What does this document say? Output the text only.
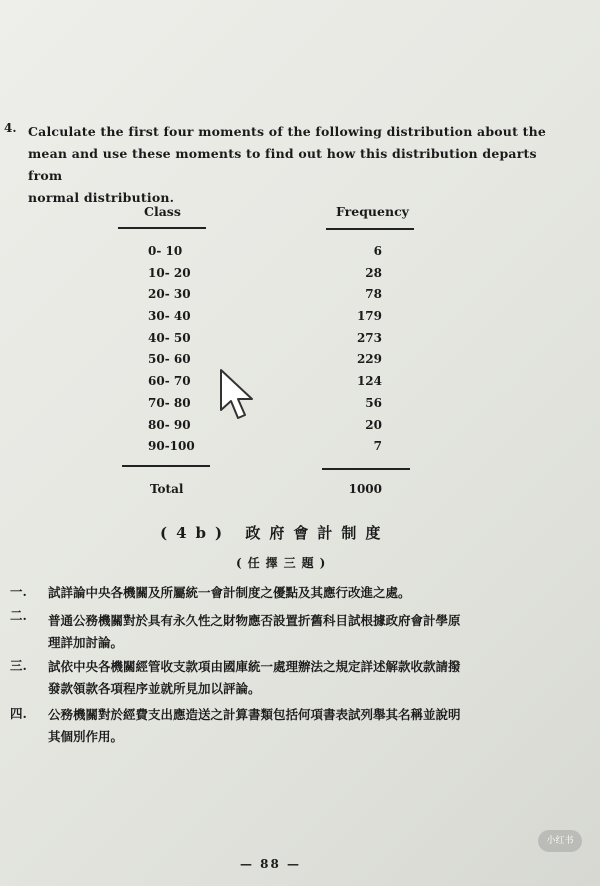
4. Calculate the first four moments of the following distribution about the
mean and use these moments to find out how this distribution departs from
normal distribution.
Class	Frequency
0- 10
10- 20
20- 30
30- 40
40- 50
50- 60
60- 70
70- 80
80- 90
90-100
6
28
78
179
273
229
124
56
20
7
Total	1000
(4b) 政府會計制度
(任擇三題)
一. 試詳論中央各機關及所屬統一會計制度之優點及其應行改進之處。
二. 普通公務機關對於具有永久性之財物應否設置折舊科目試根據政府會計學原
理詳加討論。
三. 試依中央各機關經管收支款項由國庫統一處理辦法之規定詳述解款收款請撥
發款領款各項程序並就所見加以評論。
四. 公務機關對於經費支出應造送之計算書類包括何項書表試列舉其名稱並說明
其個別作用。
— 88 —
小红书
